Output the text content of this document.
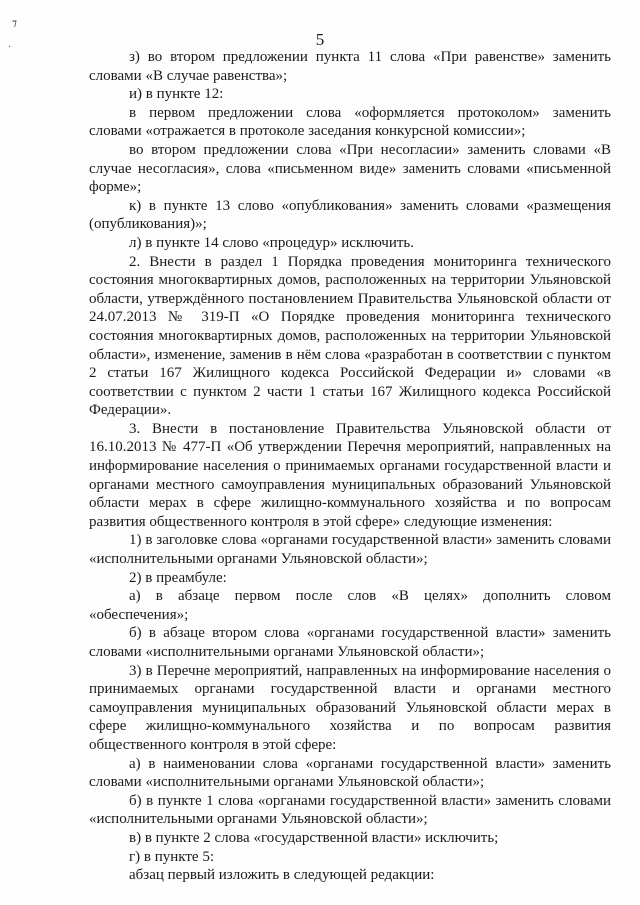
⁊
·	5

з) во втором предложении пункта 11 слова «При равенстве» заменить словами «В случае равенства»;

и) в пункте 12:

в первом предложении слова «оформляется протоколом» заменить словами «отражается в протоколе заседания конкурсной комиссии»;

во втором предложении слова «При несогласии» заменить словами «В случае несогласия», слова «письменном виде» заменить словами «письменной форме»;

к) в пункте 13 слово «опубликования» заменить словами «размещения (опубликования)»;

л) в пункте 14 слово «процедур» исключить.

2. Внести в раздел 1 Порядка проведения мониторинга технического состояния многоквартирных домов, расположенных на территории Ульяновской области, утверждённого постановлением Правительства Ульяновской области от 24.07.2013 № 319-П «О Порядке проведения мониторинга технического состояния многоквартирных домов, расположенных на территории Ульяновской области», изменение, заменив в нём слова «разработан в соответствии с пунктом 2 статьи 167 Жилищного кодекса Российской Федерации и» словами «в соответствии с пунктом 2 части 1 статьи 167 Жилищного кодекса Российской Федерации».

3. Внести в постановление Правительства Ульяновской области от 16.10.2013 № 477-П «Об утверждении Перечня мероприятий, направленных на информирование населения о принимаемых органами государственной власти и органами местного самоуправления муниципальных образований Ульяновской области мерах в сфере жилищно-коммунального хозяйства и по вопросам развития общественного контроля в этой сфере» следующие изменения:

1) в заголовке слова «органами государственной власти» заменить словами «исполнительными органами Ульяновской области»;

2) в преамбуле:

а) в абзаце первом после слов «В целях» дополнить словом «обеспечения»;

б) в абзаце втором слова «органами государственной власти» заменить словами «исполнительными органами Ульяновской области»;

3) в Перечне мероприятий, направленных на информирование населения о принимаемых органами государственной власти и органами местного самоуправления муниципальных образований Ульяновской области мерах в сфере жилищно-коммунального хозяйства и по вопросам развития общественного контроля в этой сфере:

а) в наименовании слова «органами государственной власти» заменить словами «исполнительными органами Ульяновской области»;

б) в пункте 1 слова «органами государственной власти» заменить словами «исполнительными органами Ульяновской области»;

в) в пункте 2 слова «государственной власти» исключить;

г) в пункте 5:

абзац первый изложить в следующей редакции:
